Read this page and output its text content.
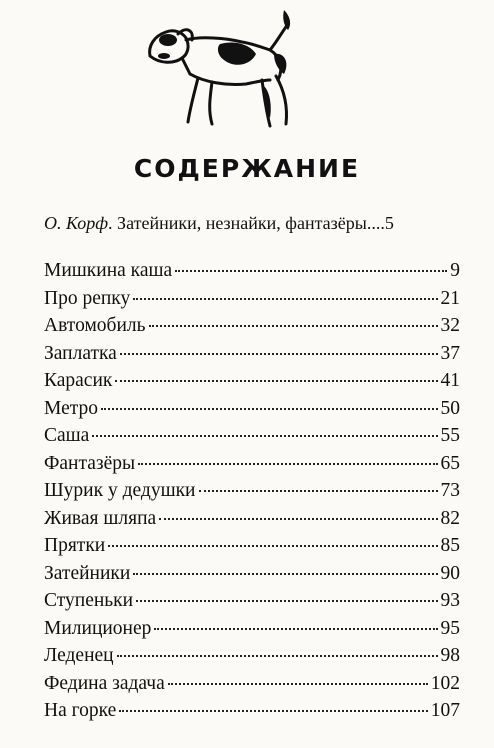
СОДЕРЖАНИЕ
О. Корф. Затейники, незнайки, фантазёры....5
Мишкина каша	9
Про репку	21
Автомобиль	32
Заплатка	37
Карасик	41
Метро	50
Саша	55
Фантазёры	65
Шурик у дедушки	73
Живая шляпа	82
Прятки	85
Затейники	90
Ступеньки	93
Милиционер	95
Леденец	98
Федина задача	102
На горке	107
